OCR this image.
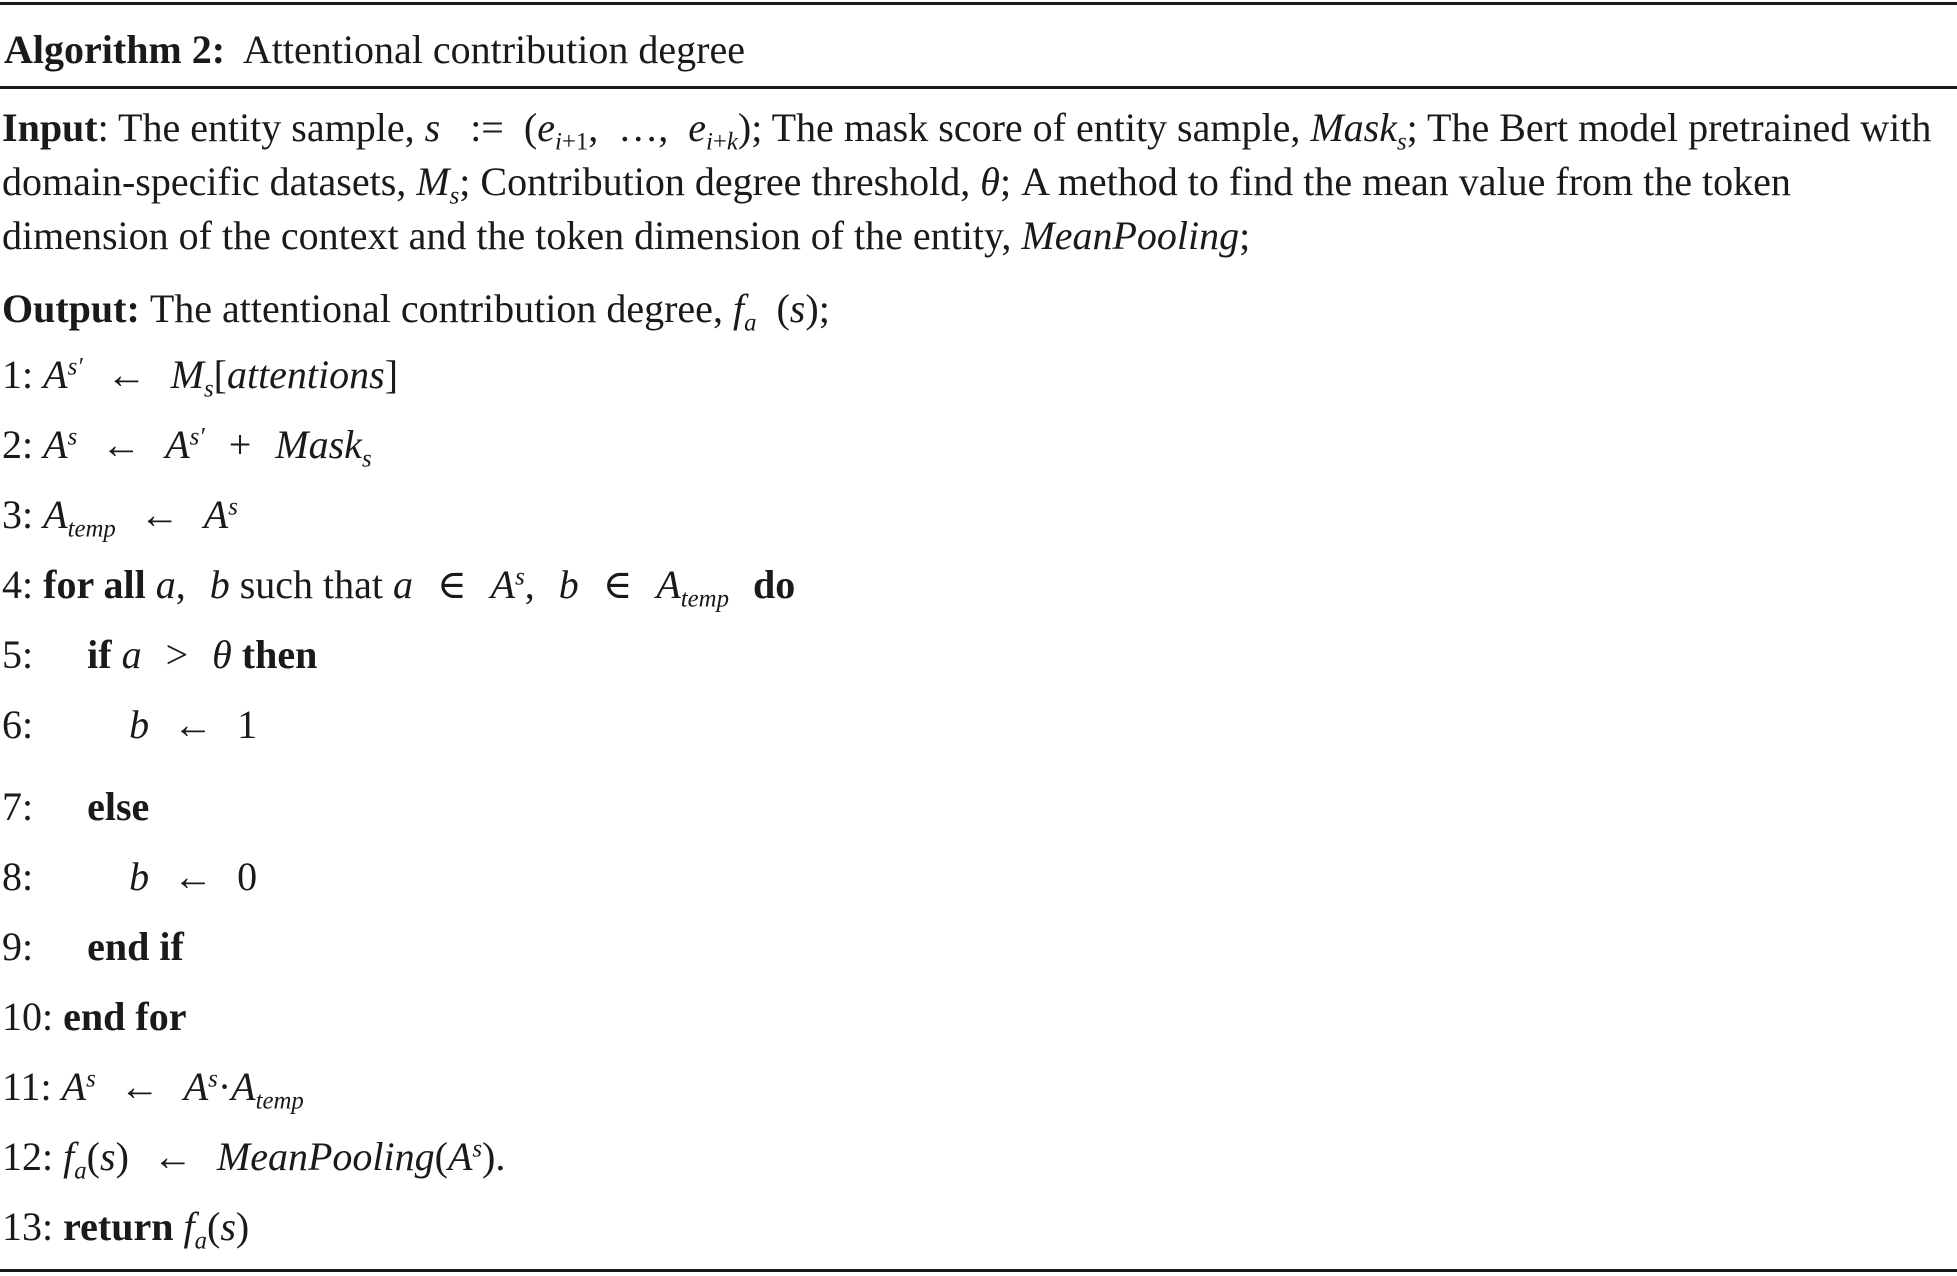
Algorithm 2: Attentional contribution degree
Input: The entity sample, s   :=  ($e_{i+1}$,  …,  $e_{i+k}$); The mask score of entity sample, Mask$_s$; The Bert model pretrained with domain-specific datasets, $M_s$; Contribution degree threshold, θ; A method to find the mean value from the token dimension of the context and the token dimension of the entity, MeanPooling;
Output: The attentional contribution degree, $f_a$  (s);
1: $A^{s'}$ ← $M_s[attentions]$
2: $A^s$ ← $A^{s'}$ + Mask$_s$
3: $A_{temp}$ ← $A^s$
4: for all a, b such that a ∈ $A^s$, b ∈ $A_{temp}$ do
5: if a > θ then
6: b ← 1
7: else
8: b ← 0
9: end if
10: end for
11: $A^s$ ← $A^s\cdot A_{temp}$
12: $f_a(s)$ ← $MeanPooling(A^s)$.
13: return $f_a(s)$
